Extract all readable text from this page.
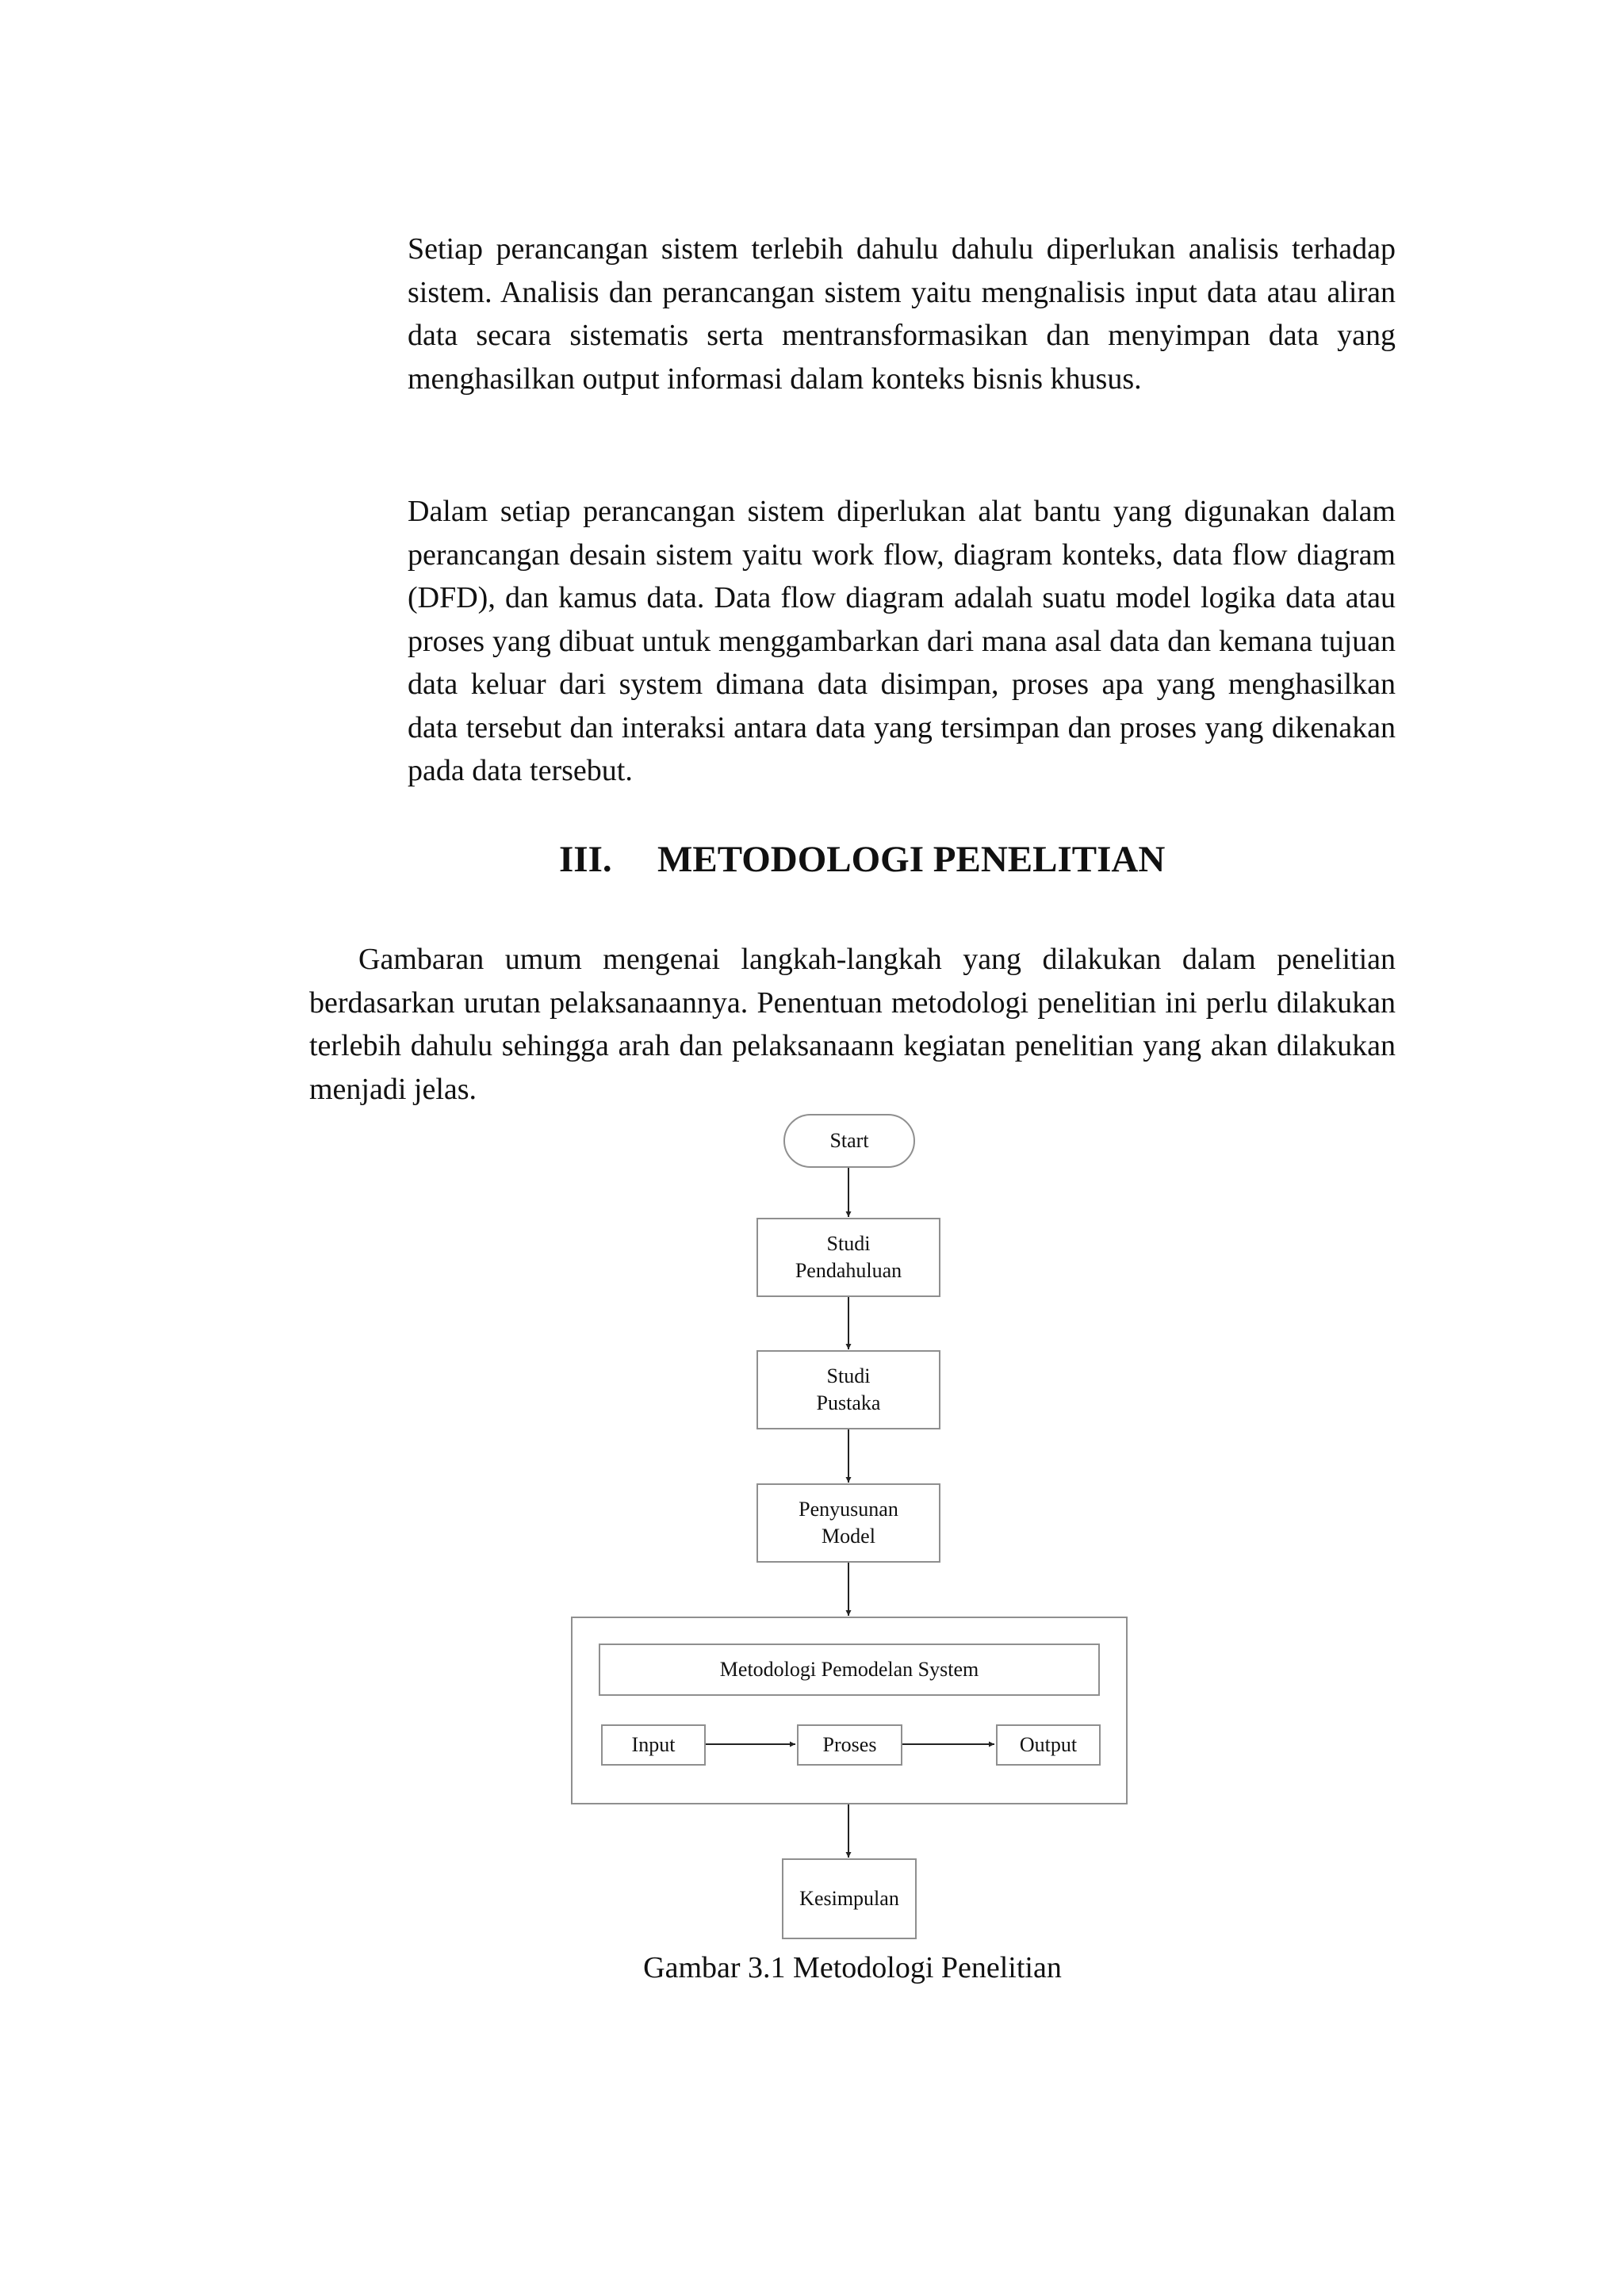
Setiap perancangan sistem terlebih dahulu dahulu diperlukan analisis terhadap sistem. Analisis dan perancangan sistem yaitu mengnalisis input data atau aliran data secara sistematis serta mentransformasikan dan menyimpan data yang menghasilkan output informasi dalam konteks bisnis khusus.

Dalam setiap perancangan sistem diperlukan alat bantu yang digunakan dalam perancangan desain sistem yaitu work flow, diagram konteks, data flow diagram (DFD), dan kamus data. Data flow diagram adalah suatu model logika data atau proses yang dibuat untuk menggambarkan dari mana asal data dan kemana tujuan data keluar dari system dimana data disimpan, proses apa yang menghasilkan data tersebut dan interaksi antara data yang tersimpan dan proses yang dikenakan pada data tersebut.

III. METODOLOGI PENELITIAN

Gambaran umum mengenai langkah-langkah yang dilakukan dalam penelitian berdasarkan urutan pelaksanaannya. Penentuan metodologi penelitian ini perlu dilakukan terlebih dahulu sehingga arah dan pelaksanaann kegiatan penelitian yang akan dilakukan menjadi jelas.

Start
Studi
Pendahuluan
Studi
Pustaka
Penyusunan
Model
Metodologi Pemodelan System
Input	Proses	Output
Kesimpulan

Gambar 3.1 Metodologi Penelitian
